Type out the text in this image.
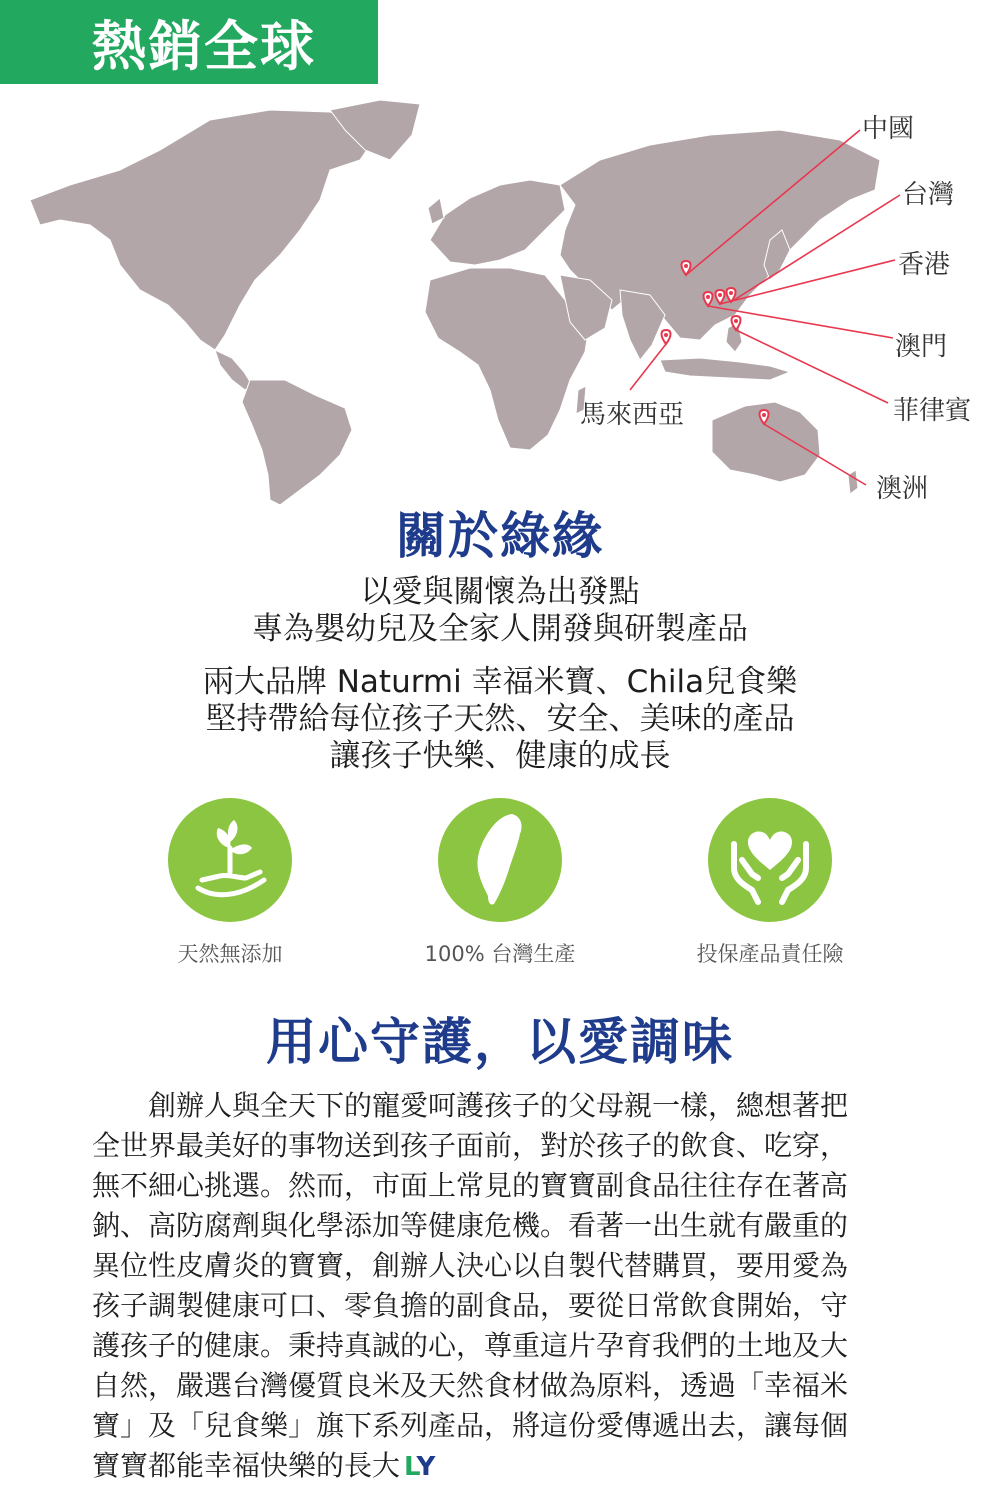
熱銷全球
中國
台灣
香港
澳門
菲律賓
馬來西亞
澳洲
關於綠緣
以愛與關懷為出發點
專為嬰幼兒及全家人開發與研製產品
兩大品牌 Naturmi 幸福米寶、Chila兒食樂
堅持帶給每位孩子天然、安全、美味的產品
讓孩子快樂、健康的成長
天然無添加	100% 台灣生產	投保產品責任險
用心守護，以愛調味
　　創辦人與全天下的寵愛呵護孩子的父母親一樣，總想著把
全世界最美好的事物送到孩子面前，對於孩子的飲食、吃穿，
無不細心挑選。然而，市面上常見的寶寶副食品往往存在著高
鈉、高防腐劑與化學添加等健康危機。看著一出生就有嚴重的
異位性皮膚炎的寶寶，創辦人決心以自製代替購買，要用愛為
孩子調製健康可口、零負擔的副食品，要從日常飲食開始，守
護孩子的健康。秉持真誠的心，尊重這片孕育我們的土地及大
自然，嚴選台灣優質良米及天然食材做為原料，透過「幸福米
寶」及「兒食樂」旗下系列產品，將這份愛傳遞出去，讓每個
寶寶都能幸福快樂的長大 LY
